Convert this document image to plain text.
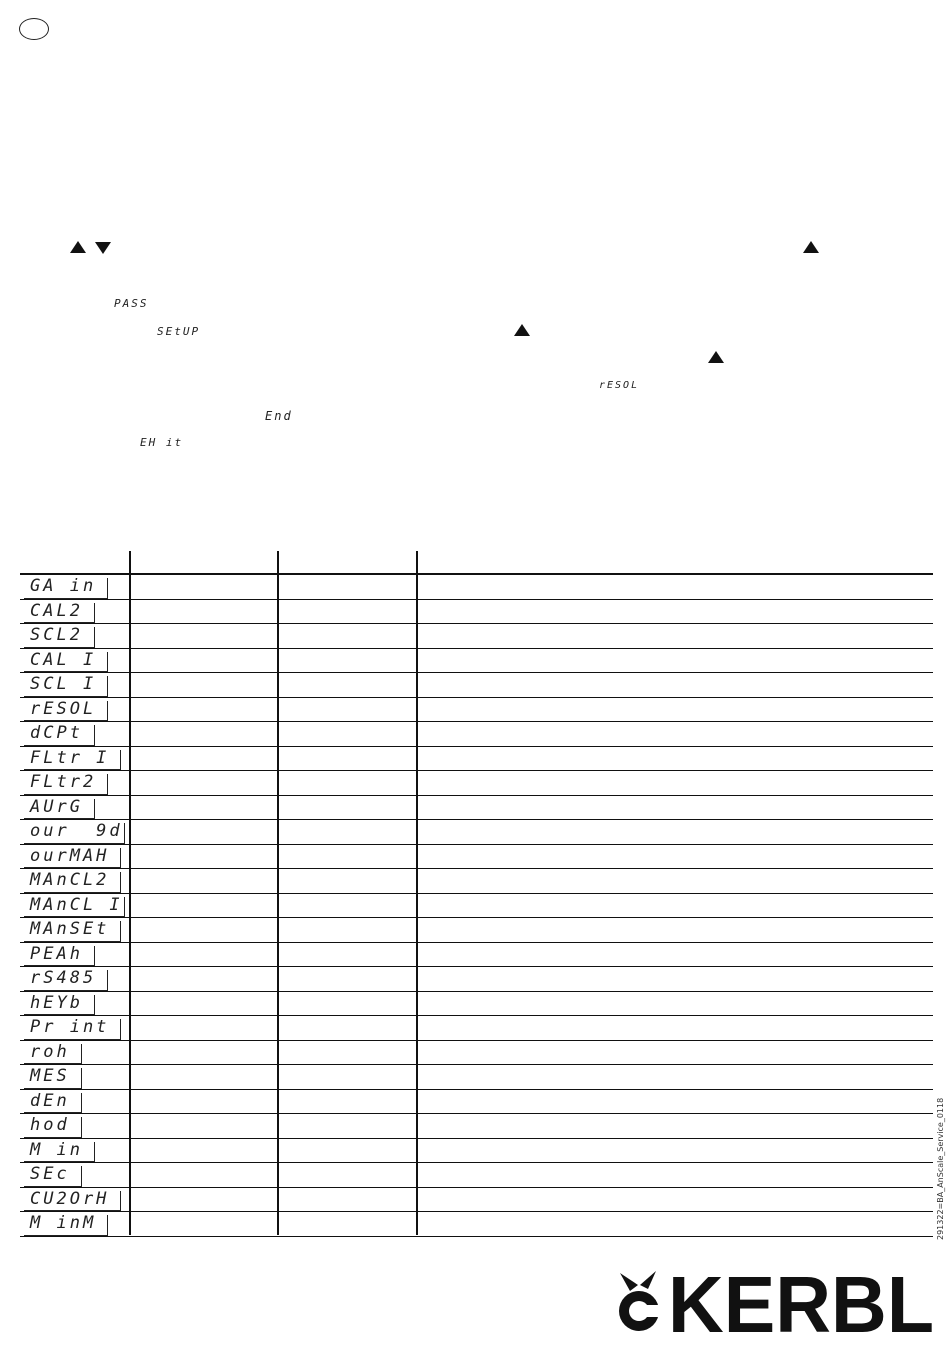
PASS
SEtUP
rESOL
End
EH it
GA in
CAL2
SCL2
CAL I
SCL I
rESOL
dCPt
FLtr I
FLtr2
AUrG
our  9d
ourMAH
MAnCL2
MAnCL I
MAnSEt
PEAh
rS485
hEYb
Pr int
roh
MES
dEn
hod
M in
SEc
CU2OrH
M inM	291322=BA_AnScale_Service_0118
KERBL
